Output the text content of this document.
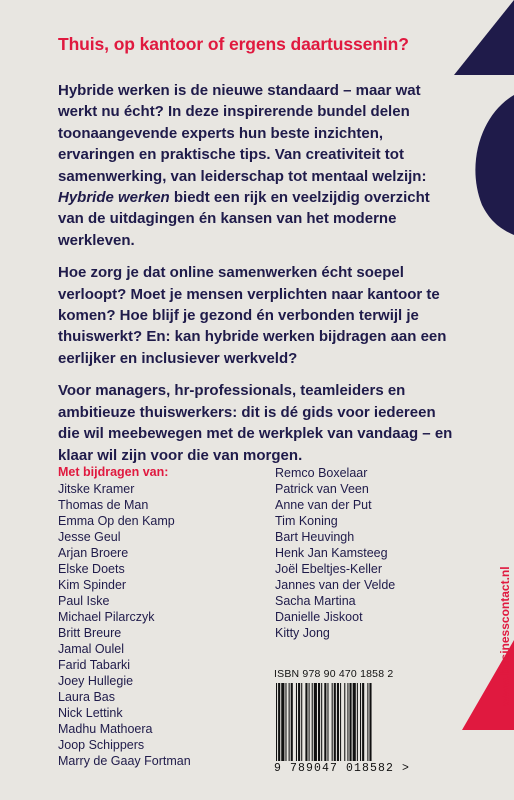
Thuis, op kantoor of ergens daartussenin?

Hybride werken is de nieuwe standaard – maar wat werkt nu écht? In deze inspirerende bundel delen toonaangevende experts hun beste inzichten, ervaringen en praktische tips. Van creativiteit tot samenwerking, van leiderschap tot mentaal welzijn: Hybride werken biedt een rijk en veelzijdig overzicht van de uitdagingen én kansen van het moderne werkleven.

Hoe zorg je dat online samenwerken écht soepel verloopt? Moet je mensen verplichten naar kantoor te komen? Hoe blijf je gezond én verbonden terwijl je thuiswerkt? En: kan hybride werken bijdragen aan een eerlijker en inclusiever werkveld?

Voor managers, hr-professionals, teamleiders en ambitieuze thuiswerkers: dit is dé gids voor iedereen die wil meebewegen met de werkplek van vandaag – en klaar wil zijn voor die van morgen.

Met bijdragen van:
Jitske Kramer
Thomas de Man
Emma Op den Kamp
Jesse Geul
Arjan Broere
Elske Doets
Kim Spinder
Paul Iske
Michael Pilarczyk
Britt Breure
Jamal Oulel
Farid Tabarki
Joey Hullegie
Laura Bas
Nick Lettink
Madhu Mathoera
Joop Schippers
Marry de Gaay Fortman
Remco Boxelaar
Patrick van Veen
Anne van der Put
Tim Koning
Bart Heuvingh
Henk Jan Kamsteeg
Joël Ebeltjes-Keller
Jannes van der Velde
Sacha Martina
Danielle Jiskoot
Kitty Jong
ISBN 978 90 470 1858 2
9 789047 018582 >
www.businesscontact.nl
